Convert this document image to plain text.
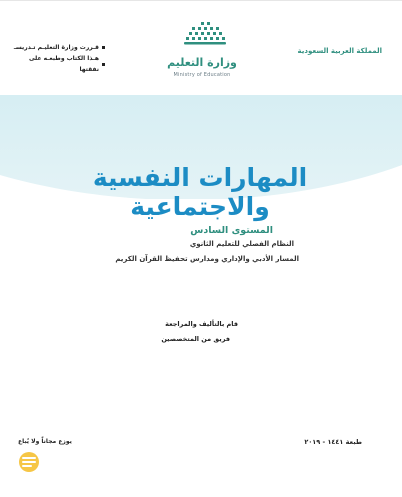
المملكة العربية السعودية
وزارة التعليم
Ministry of Education
قـررت وزارة التعليـم تـدريسـ
هـذا الكتاب وطبعـه على نفقتها
المهارات النفسية والاجتماعية
المستوى السادس
النظام الفصلي للتعليم الثانوي
المسار الأدبي والإداري ومدارس تحفيظ القرآن الكريم
قام بالتأليف والمراجعة
فريق من المتخصصين
طبعة ١٤٤١ - ٢٠١٩
يوزع مجاناً ولا يُباع
